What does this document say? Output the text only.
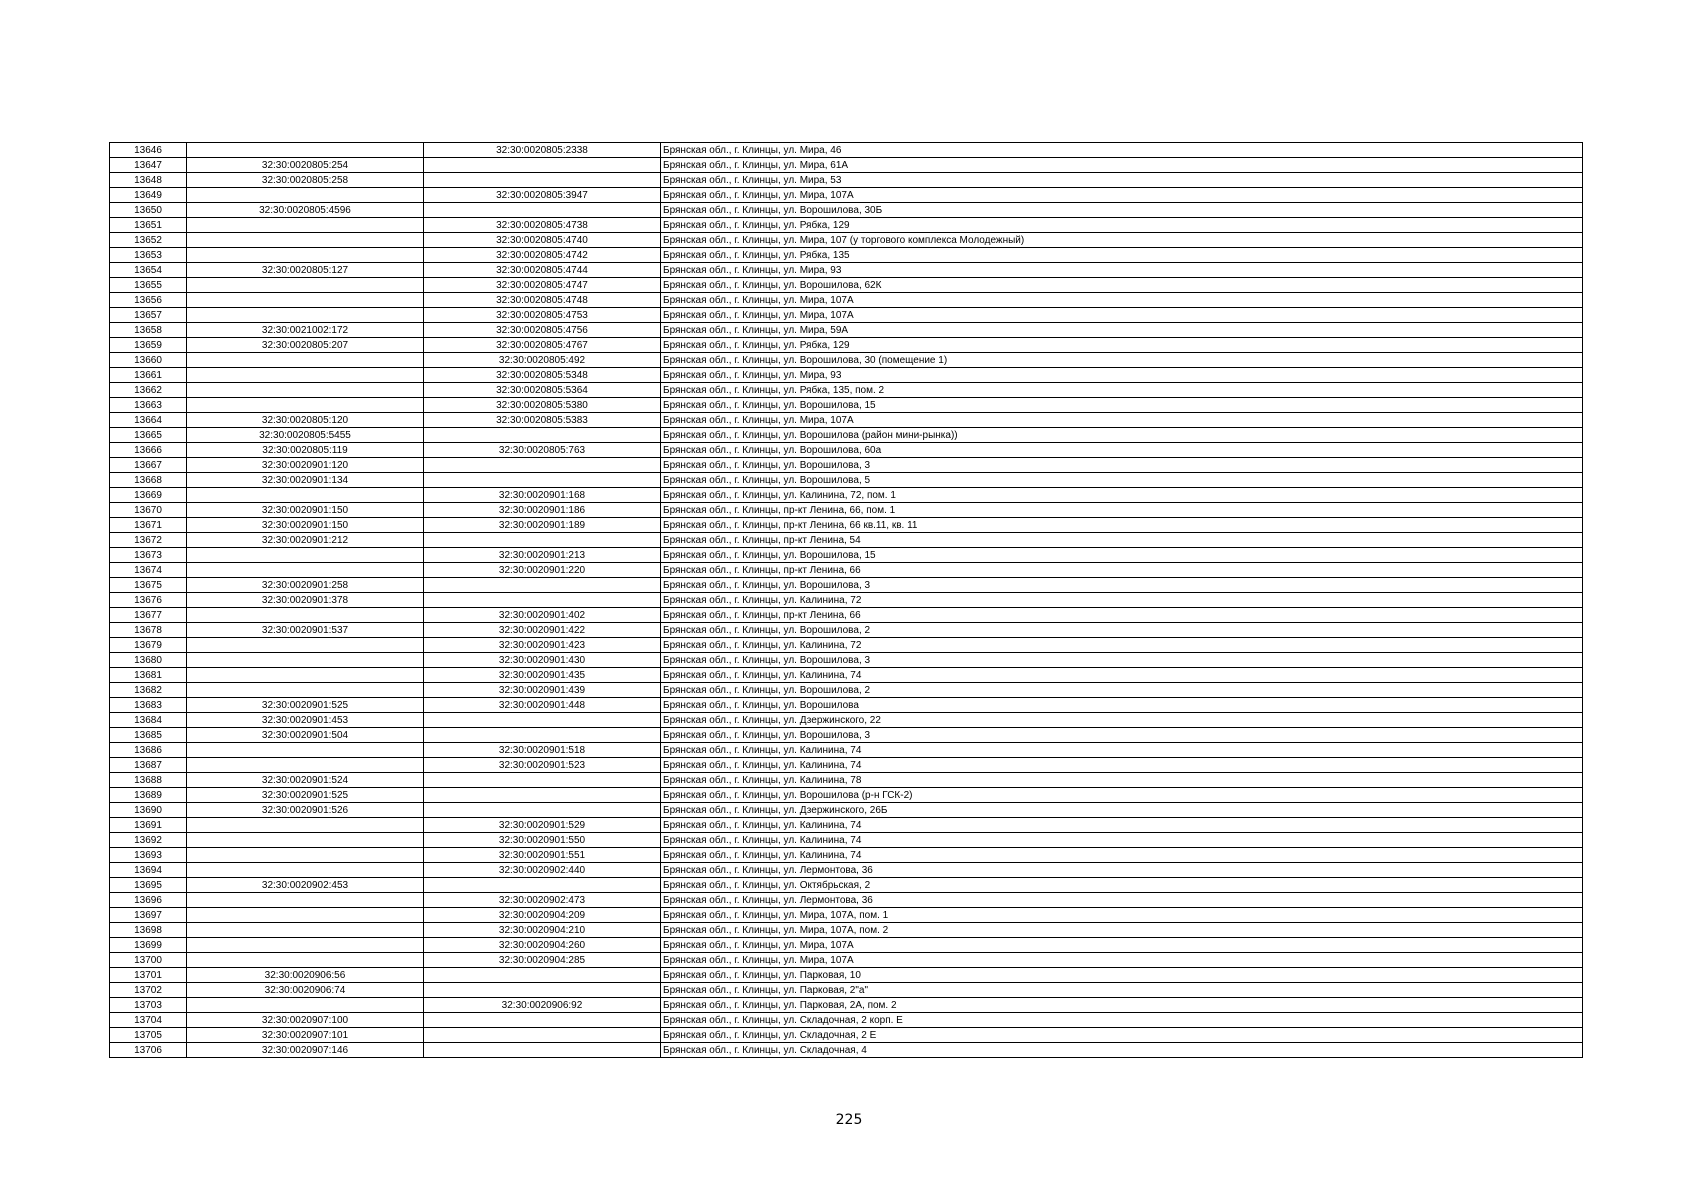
13646		32:30:0020805:2338	Брянская обл., г. Клинцы, ул. Мира, 46
13647	32:30:0020805:254		Брянская обл., г. Клинцы, ул. Мира, 61А
13648	32:30:0020805:258		Брянская обл., г. Клинцы, ул. Мира, 53
13649		32:30:0020805:3947	Брянская обл., г. Клинцы, ул. Мира, 107А
13650	32:30:0020805:4596		Брянская обл., г. Клинцы, ул. Ворошилова, 30Б
13651		32:30:0020805:4738	Брянская обл., г. Клинцы, ул. Рябка, 129
13652		32:30:0020805:4740	Брянская обл., г. Клинцы, ул. Мира, 107 (у торгового комплекса Молодежный)
13653		32:30:0020805:4742	Брянская обл., г. Клинцы, ул. Рябка, 135
13654	32:30:0020805:127	32:30:0020805:4744	Брянская обл., г. Клинцы, ул. Мира, 93
13655		32:30:0020805:4747	Брянская обл., г. Клинцы, ул. Ворошилова, 62К
13656		32:30:0020805:4748	Брянская обл., г. Клинцы, ул. Мира, 107А
13657		32:30:0020805:4753	Брянская обл., г. Клинцы, ул. Мира, 107А
13658	32:30:0021002:172	32:30:0020805:4756	Брянская обл., г. Клинцы, ул. Мира, 59А
13659	32:30:0020805:207	32:30:0020805:4767	Брянская обл., г. Клинцы, ул. Рябка, 129
13660		32:30:0020805:492	Брянская обл., г. Клинцы, ул. Ворошилова, 30 (помещение 1)
13661		32:30:0020805:5348	Брянская обл., г. Клинцы, ул. Мира, 93
13662		32:30:0020805:5364	Брянская обл., г. Клинцы, ул. Рябка, 135, пом. 2
13663		32:30:0020805:5380	Брянская обл., г. Клинцы, ул. Ворошилова, 15
13664	32:30:0020805:120	32:30:0020805:5383	Брянская обл., г. Клинцы, ул. Мира, 107А
13665	32:30:0020805:5455		Брянская обл., г. Клинцы, ул. Ворошилова (район мини-рынка))
13666	32:30:0020805:119	32:30:0020805:763	Брянская обл., г. Клинцы, ул. Ворошилова, 60а
13667	32:30:0020901:120		Брянская обл., г. Клинцы, ул. Ворошилова, 3
13668	32:30:0020901:134		Брянская обл., г. Клинцы, ул. Ворошилова, 5
13669		32:30:0020901:168	Брянская обл., г. Клинцы, ул. Калинина, 72, пом. 1
13670	32:30:0020901:150	32:30:0020901:186	Брянская обл., г. Клинцы, пр-кт Ленина, 66, пом. 1
13671	32:30:0020901:150	32:30:0020901:189	Брянская обл., г. Клинцы, пр-кт Ленина, 66 кв.11, кв. 11
13672	32:30:0020901:212		Брянская обл., г. Клинцы, пр-кт Ленина, 54
13673		32:30:0020901:213	Брянская обл., г. Клинцы, ул. Ворошилова, 15
13674		32:30:0020901:220	Брянская обл., г. Клинцы, пр-кт Ленина, 66
13675	32:30:0020901:258		Брянская обл., г. Клинцы, ул. Ворошилова, 3
13676	32:30:0020901:378		Брянская обл., г. Клинцы, ул. Калинина, 72
13677		32:30:0020901:402	Брянская обл., г. Клинцы, пр-кт Ленина, 66
13678	32:30:0020901:537	32:30:0020901:422	Брянская обл., г. Клинцы, ул. Ворошилова, 2
13679		32:30:0020901:423	Брянская обл., г. Клинцы, ул. Калинина, 72
13680		32:30:0020901:430	Брянская обл., г. Клинцы, ул. Ворошилова, 3
13681		32:30:0020901:435	Брянская обл., г. Клинцы, ул. Калинина, 74
13682		32:30:0020901:439	Брянская обл., г. Клинцы, ул. Ворошилова, 2
13683	32:30:0020901:525	32:30:0020901:448	Брянская обл., г. Клинцы, ул. Ворошилова
13684	32:30:0020901:453		Брянская обл., г. Клинцы, ул. Дзержинского, 22
13685	32:30:0020901:504		Брянская обл., г. Клинцы, ул. Ворошилова, 3
13686		32:30:0020901:518	Брянская обл., г. Клинцы, ул. Калинина, 74
13687		32:30:0020901:523	Брянская обл., г. Клинцы, ул. Калинина, 74
13688	32:30:0020901:524		Брянская обл., г. Клинцы, ул. Калинина, 78
13689	32:30:0020901:525		Брянская обл., г. Клинцы, ул. Ворошилова (р-н ГСК-2)
13690	32:30:0020901:526		Брянская обл., г. Клинцы, ул. Дзержинского, 26Б
13691		32:30:0020901:529	Брянская обл., г. Клинцы, ул. Калинина, 74
13692		32:30:0020901:550	Брянская обл., г. Клинцы, ул. Калинина, 74
13693		32:30:0020901:551	Брянская обл., г. Клинцы, ул. Калинина, 74
13694		32:30:0020902:440	Брянская обл., г. Клинцы, ул. Лермонтова, 36
13695	32:30:0020902:453		Брянская обл., г. Клинцы, ул. Октябрьская, 2
13696		32:30:0020902:473	Брянская обл., г. Клинцы, ул. Лермонтова, 36
13697		32:30:0020904:209	Брянская обл., г. Клинцы, ул. Мира, 107А, пом. 1
13698		32:30:0020904:210	Брянская обл., г. Клинцы, ул. Мира, 107А, пом. 2
13699		32:30:0020904:260	Брянская обл., г. Клинцы, ул. Мира, 107А
13700		32:30:0020904:285	Брянская обл., г. Клинцы, ул. Мира, 107А
13701	32:30:0020906:56		Брянская обл., г. Клинцы, ул. Парковая, 10
13702	32:30:0020906:74		Брянская обл., г. Клинцы, ул. Парковая, 2"а"
13703		32:30:0020906:92	Брянская обл., г. Клинцы, ул. Парковая, 2А, пом. 2
13704	32:30:0020907:100		Брянская обл., г. Клинцы, ул. Складочная, 2 корп. Е
13705	32:30:0020907:101		Брянская обл., г. Клинцы, ул. Складочная, 2 Е
13706	32:30:0020907:146		Брянская обл., г. Клинцы, ул. Складочная, 4
225
